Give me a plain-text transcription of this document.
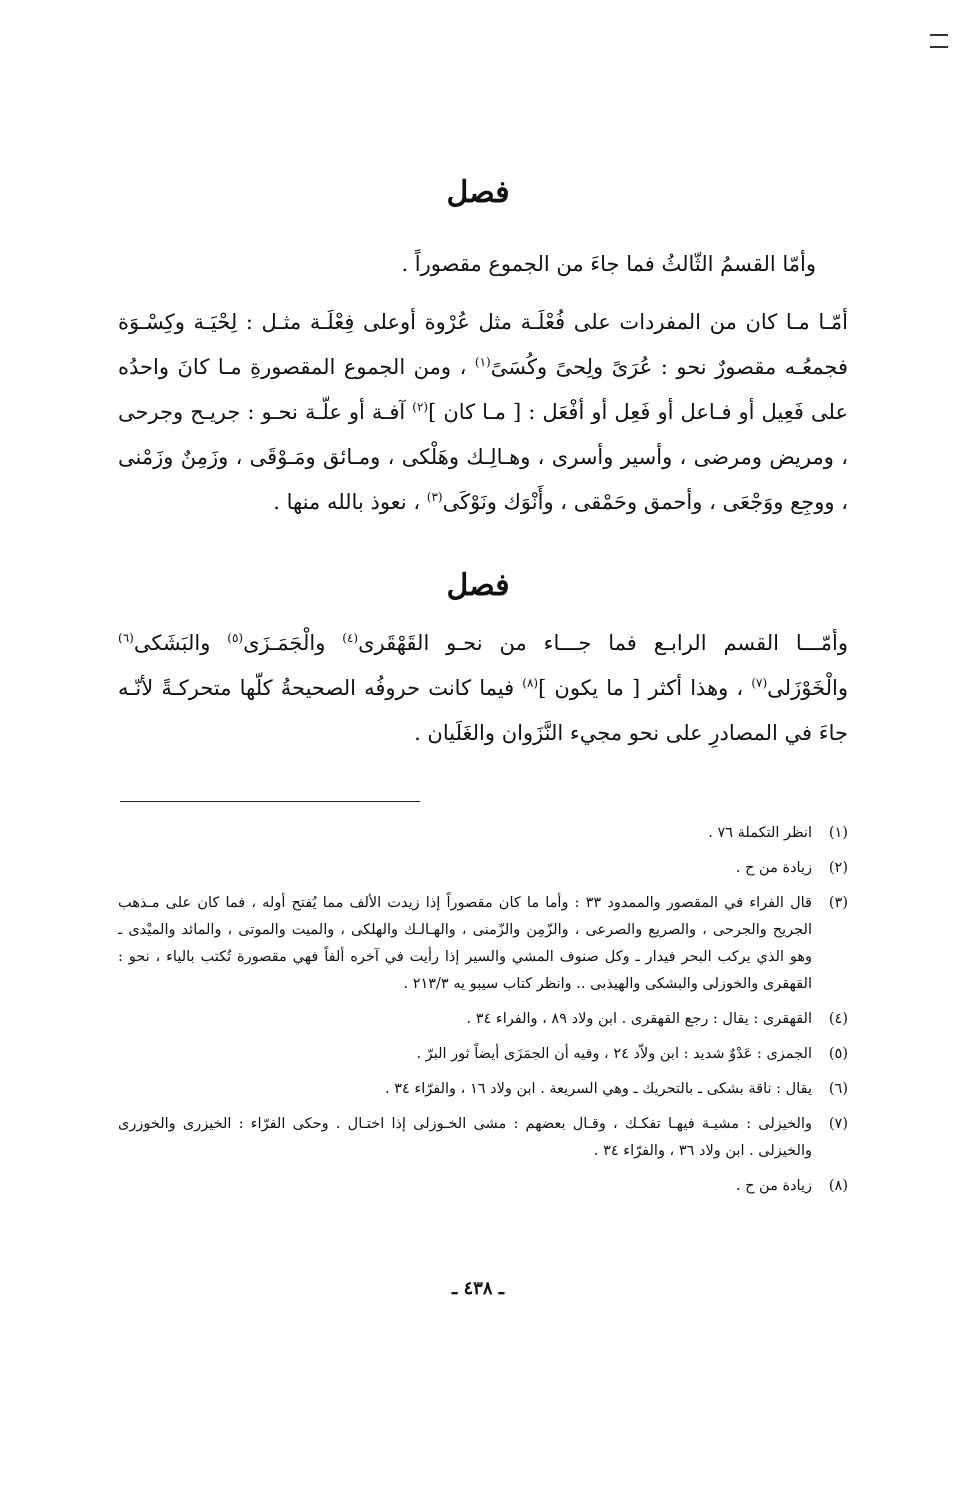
فصل
وأمّا القسمُ الثّالثُ فما جاءَ من الجموع مقصوراً .
أمّـا مـا كان من المفردات على فُعْلَـة مثل عُرْوة أوعلى فِعْلَـة مثـل : لِحْيَـة وكِسْـوَة فجمعُـه مقصورٌ نحو : عُرَىً ولِحىً وكُسَىً$^{(١)}$ ، ومن الجموع المقصورةِ مـا كانَ واحدُه على فَعِيل أو فـاعل أو فَعِل أو أفْعَل : [ مـا كان ]$^{(٢)}$ آفـة أو علّـة نحـو : جريـح وجرحى ، ومريض ومرضى ، وأسير وأسرى ، وهـالِـك وهَلْكى ، ومـائق ومَـوْقَى ، وزَمِنٌ وزَمْنى ، ووجِع ووَجْعَى ، وأحمق وحَمْقى ، وأَنْوَك ونَوْكَى$^{(٣)}$ ، نعوذ بالله منها .
فصل
وأمّـــا القسم الرابـع فما جـــاء من نحـو القَهْقَرى$^{(٤)}$ والْجَمَـزَى$^{(٥)}$ والبَشَكى$^{(٦)}$ والْخَوْزَلى$^{(٧)}$ ، وهذا أكثر [ ما يكون ]$^{(٨)}$ فيما كانت حروفُه الصحيحةُ كلّها متحركـةً لأنّـه جاءَ في المصادرِ على نحو مجيء النَّزَوان والغَلَيان .
(١)
انظر التكملة ٧٦ .
(٢)
زيادة من ح .
(٣)
قال الفراء في المقصور والممدود ٣٣ : وأما ما كان مقصوراً إذا زيدت الألف مما يُفتح أوله ، فما كان على مـذهب الجريح والجرحى ، والصريع والصرعى ، والزّمِن والزّمنى ، والهـالـك والهلكى ، والميت والموتى ، والمائد والميْدى ـ وهو الذي يركب البحر فيدار ـ وكل صنوف المشي والسير إذا رأيت في آخره ألفاً فهي مقصورة تُكتب بالياء ، نحو : القهقرى والخوزلى والبشكى والهيذبى .. وانظر كتاب سيبو يه ٢١٣/٣ .
(٤)
القهقرى : يقال : رجع القهقرى . ابن ولاد ٨٩ ، والفراء ٣٤ .
(٥)
الجمزى : عَدْوٌ شديد : ابن ولاّد ٢٤ ، وفيه أن الجمَزَى أيضاً ثور البرّ .
(٦)
يقال : ناقة بشكى ـ بالتحريك ـ وهي السريعة . ابن ولاد ١٦ ، والفرّاء ٣٤ .
(٧)
والخيزلى : مشيـة فيهـا تفكـك ، وقـال بعضهم : مشى الخـوزلى إذا اختـال . وحكى الفرّاء : الخيزرى والخوزرى والخيزلى . ابن ولاد ٣٦ ، والفرّاء ٣٤ .
(٨)
زيادة من ح .
ـ ٤٣٨ ـ
